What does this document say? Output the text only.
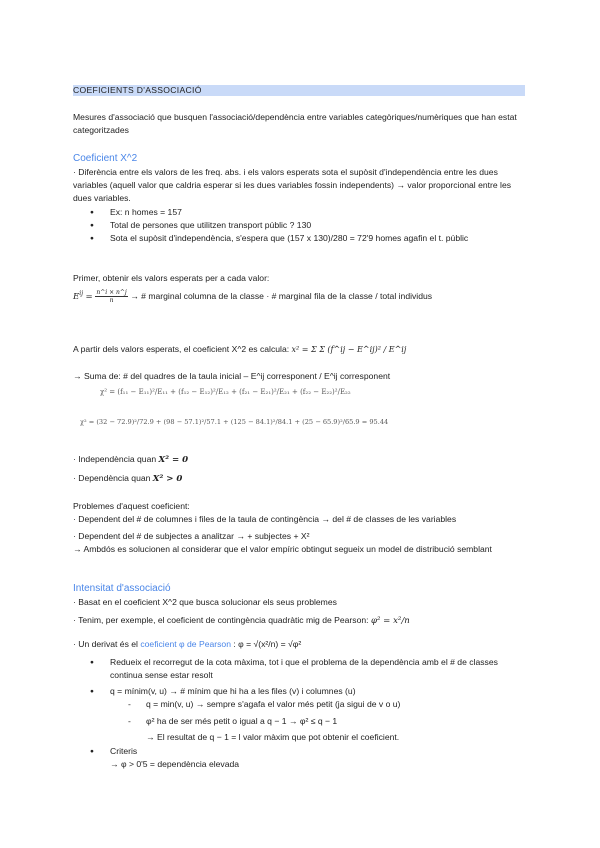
COEFICIENTS D'ASSOCIACIÓ
Mesures d'associació que busquen l'associació/dependència entre variables categòriques/numèriques que han estat categoritzades
Coeficient X^2
· Diferència entre els valors de les freq. abs. i els valors esperats sota el supòsit d'independència entre les dues variables (aquell valor que caldria esperar si les dues variables fossin independents) → valor proporcional entre les dues variables.
● Ex: n homes = 157
● Total de persones que utilitzen transport públic ? 130
● Sota el supòsit d'independència, s'espera que (157 x 130)/280 = 72'9 homes agafin el t. públic
Primer, obtenir els valors esperats per a cada valor:
$E^{ij} = \frac{n\^{}i \times n\^{}j}{n}$ → # marginal columna de la classe · # marginal fila de la classe / total individus
A partir dels valors esperats, el coeficient X^2 es calcula: x² = Σ Σ (f^ij − E^ij)² / E^ij
→ Suma de: # del quadres de la taula inicial – E^ij corresponent / E^ij corresponent
χ² = (f₁₁ − E₁₁)²/E₁₁ + (f₁₂ − E₁₂)²/E₁₂ + (f₂₁ − E₂₁)²/E₂₁ + (f₂₂ − E₂₂)²/E₂₂
χ² = (32 − 72.9)²/72.9 + (98 − 57.1)²/57.1 + (125 − 84.1)²/84.1 + (25 − 65.9)²/65.9 = 95.44
· Independència quan X² = 0
· Dependència quan X² > 0
Problemes d'aquest coeficient:
· Dependent del # de columnes i files de la taula de contingència → del # de classes de les variables
· Dependent del # de subjectes a analitzar → + subjectes + X²
→ Ambdós es solucionen al considerar que el valor empíric obtingut segueix un model de distribució semblant
Intensitat d'associació
· Basat en el coeficient X^2 que busca solucionar els seus problemes
· Tenim, per exemple, el coeficient de contingència quadràtic mig de Pearson: φ² = x²/n
· Un derivat és el coeficient φ de Pearson : φ = √(x²/n) = √φ²
● Redueix el recorregut de la cota màxima, tot i que el problema de la dependència amb el # de classes continua sense estar resolt
● q = mínim(v, u) → # mínim que hi ha a les files (v) i columnes (u)
- q = min(v, u) → sempre s'agafa el valor més petit (ja sigui de v o u)
- φ² ha de ser més petit o igual a q − 1 → φ² ≤ q − 1
→ El resultat de q − 1 = l valor màxim que pot obtenir el coeficient.
● Criteris
→ φ > 0'5 = dependència elevada
